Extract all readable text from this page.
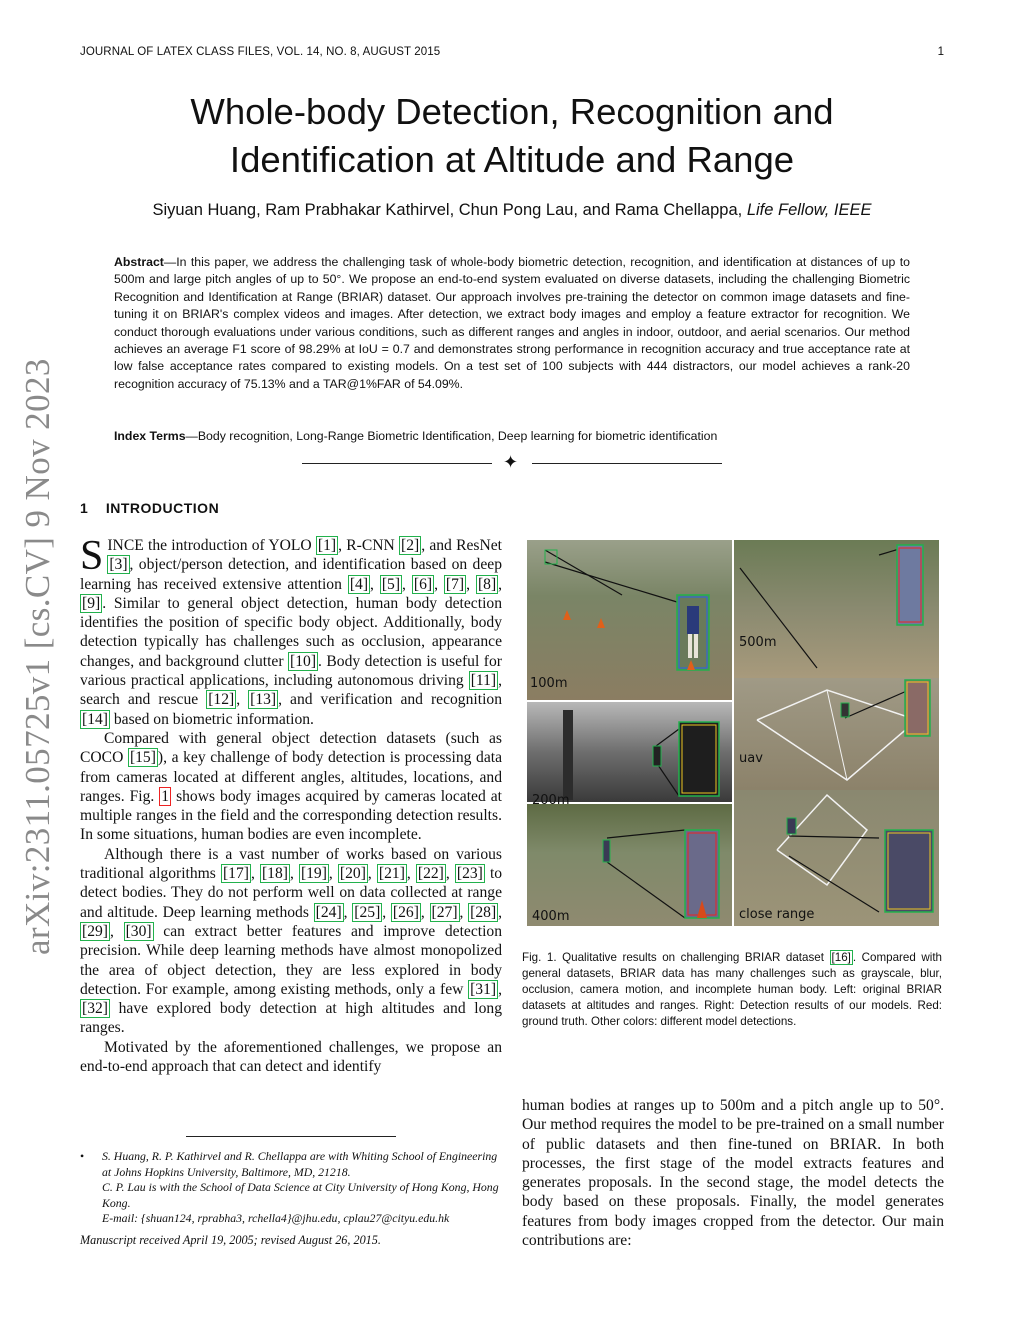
JOURNAL OF LATEX CLASS FILES, VOL. 14, NO. 8, AUGUST 2015	1
Whole-body Detection, Recognition and
Identification at Altitude and Range
Siyuan Huang, Ram Prabhakar Kathirvel, Chun Pong Lau, and Rama Chellappa, Life Fellow, IEEE
Abstract—In this paper, we address the challenging task of whole-body biometric detection, recognition, and identification at distances of up to 500m and large pitch angles of up to 50°. We propose an end-to-end system evaluated on diverse datasets, including the challenging Biometric Recognition and Identification at Range (BRIAR) dataset. Our approach involves pre-training the detector on common image datasets and fine-tuning it on BRIAR's complex videos and images. After detection, we extract body images and employ a feature extractor for recognition. We conduct thorough evaluations under various conditions, such as different ranges and angles in indoor, outdoor, and aerial scenarios. Our method achieves an average F1 score of 98.29% at IoU = 0.7 and demonstrates strong performance in recognition accuracy and true acceptance rate at low false acceptance rates compared to existing models. On a test set of 100 subjects with 444 distractors, our model achieves a rank-20 recognition accuracy of 75.13% and a TAR@1%FAR of 54.09%.
Index Terms—Body recognition, Long-Range Biometric Identification, Deep learning for biometric identification
✦
arXiv:2311.05725v1 [cs.CV] 9 Nov 2023 1 INTRODUCTION

SINCE the introduction of YOLO [1] , R-CNN [2] , and ResNet [3] , object/person detection, and identification based on deep learning has received extensive attention [4] , [5] , [6] , [7] , [8] , [9] . Similar to general object detection, human body detection identifies the position of specific body object. Additionally, body detection typically has challenges such as occlusion, appearance changes, and background clutter [10] . Body detection is useful for various practical applications, including autonomous driving [11] , search and rescue [12] , [13] , and verification and recognition [14] based on biometric information.

Compared with general object detection datasets (such as COCO [15] ), a key challenge of body detection is processing data from cameras located at different angles, altitudes, locations, and ranges. Fig. 1 shows body images acquired by cameras located at multiple ranges in the field and the corresponding detection results. In some situations, human bodies are even incomplete.

Although there is a vast number of works based on various traditional algorithms [17] , [18] , [19] , [20] , [21] , [22] , [23] to detect bodies. They do not perform well on data collected at range and altitude. Deep learning methods [24] , [25] , [26] , [27] , [28] , [29] , [30] can extract better features and improve detection precision. While deep learning methods have almost monopolized the area of object detection, they are less explored in body detection. For example, among existing methods, only a few [31] , [32] have explored body detection at high altitudes and long ranges.

Motivated by the aforementioned challenges, we propose an end-to-end approach that can detect and identify

• S. Huang, R. P. Kathirvel and R. Chellappa are with Whiting School of Engineering at Johns Hopkins University, Baltimore, MD, 21218.
C. P. Lau is with the School of Data Science at City University of Hong Kong, Hong Kong.
E-mail: {shuan124, rprabha3, rchella4}@jhu.edu, cplau27@cityu.edu.hk
Manuscript received April 19, 2005; revised August 26, 2015.
100m
500m
uav
200m
400m	close range
Fig. 1. Qualitative results on challenging BRIAR dataset [16] . Compared with general datasets, BRIAR data has many challenges such as grayscale, blur, occlusion, camera motion, and incomplete human body. Left: original BRIAR datasets at altitudes and ranges. Right: Detection results of our models. Red: ground truth. Other colors: different model detections.

human bodies at ranges up to 500m and a pitch angle up to 50°. Our method requires the model to be pre-trained on a small number of public datasets and then fine-tuned on BRIAR. In both processes, the first stage of the model extracts features and generates proposals. In the second stage, the model detects the body based on these proposals. Finally, the model generates features from body images cropped from the detector. Our main contributions are:
